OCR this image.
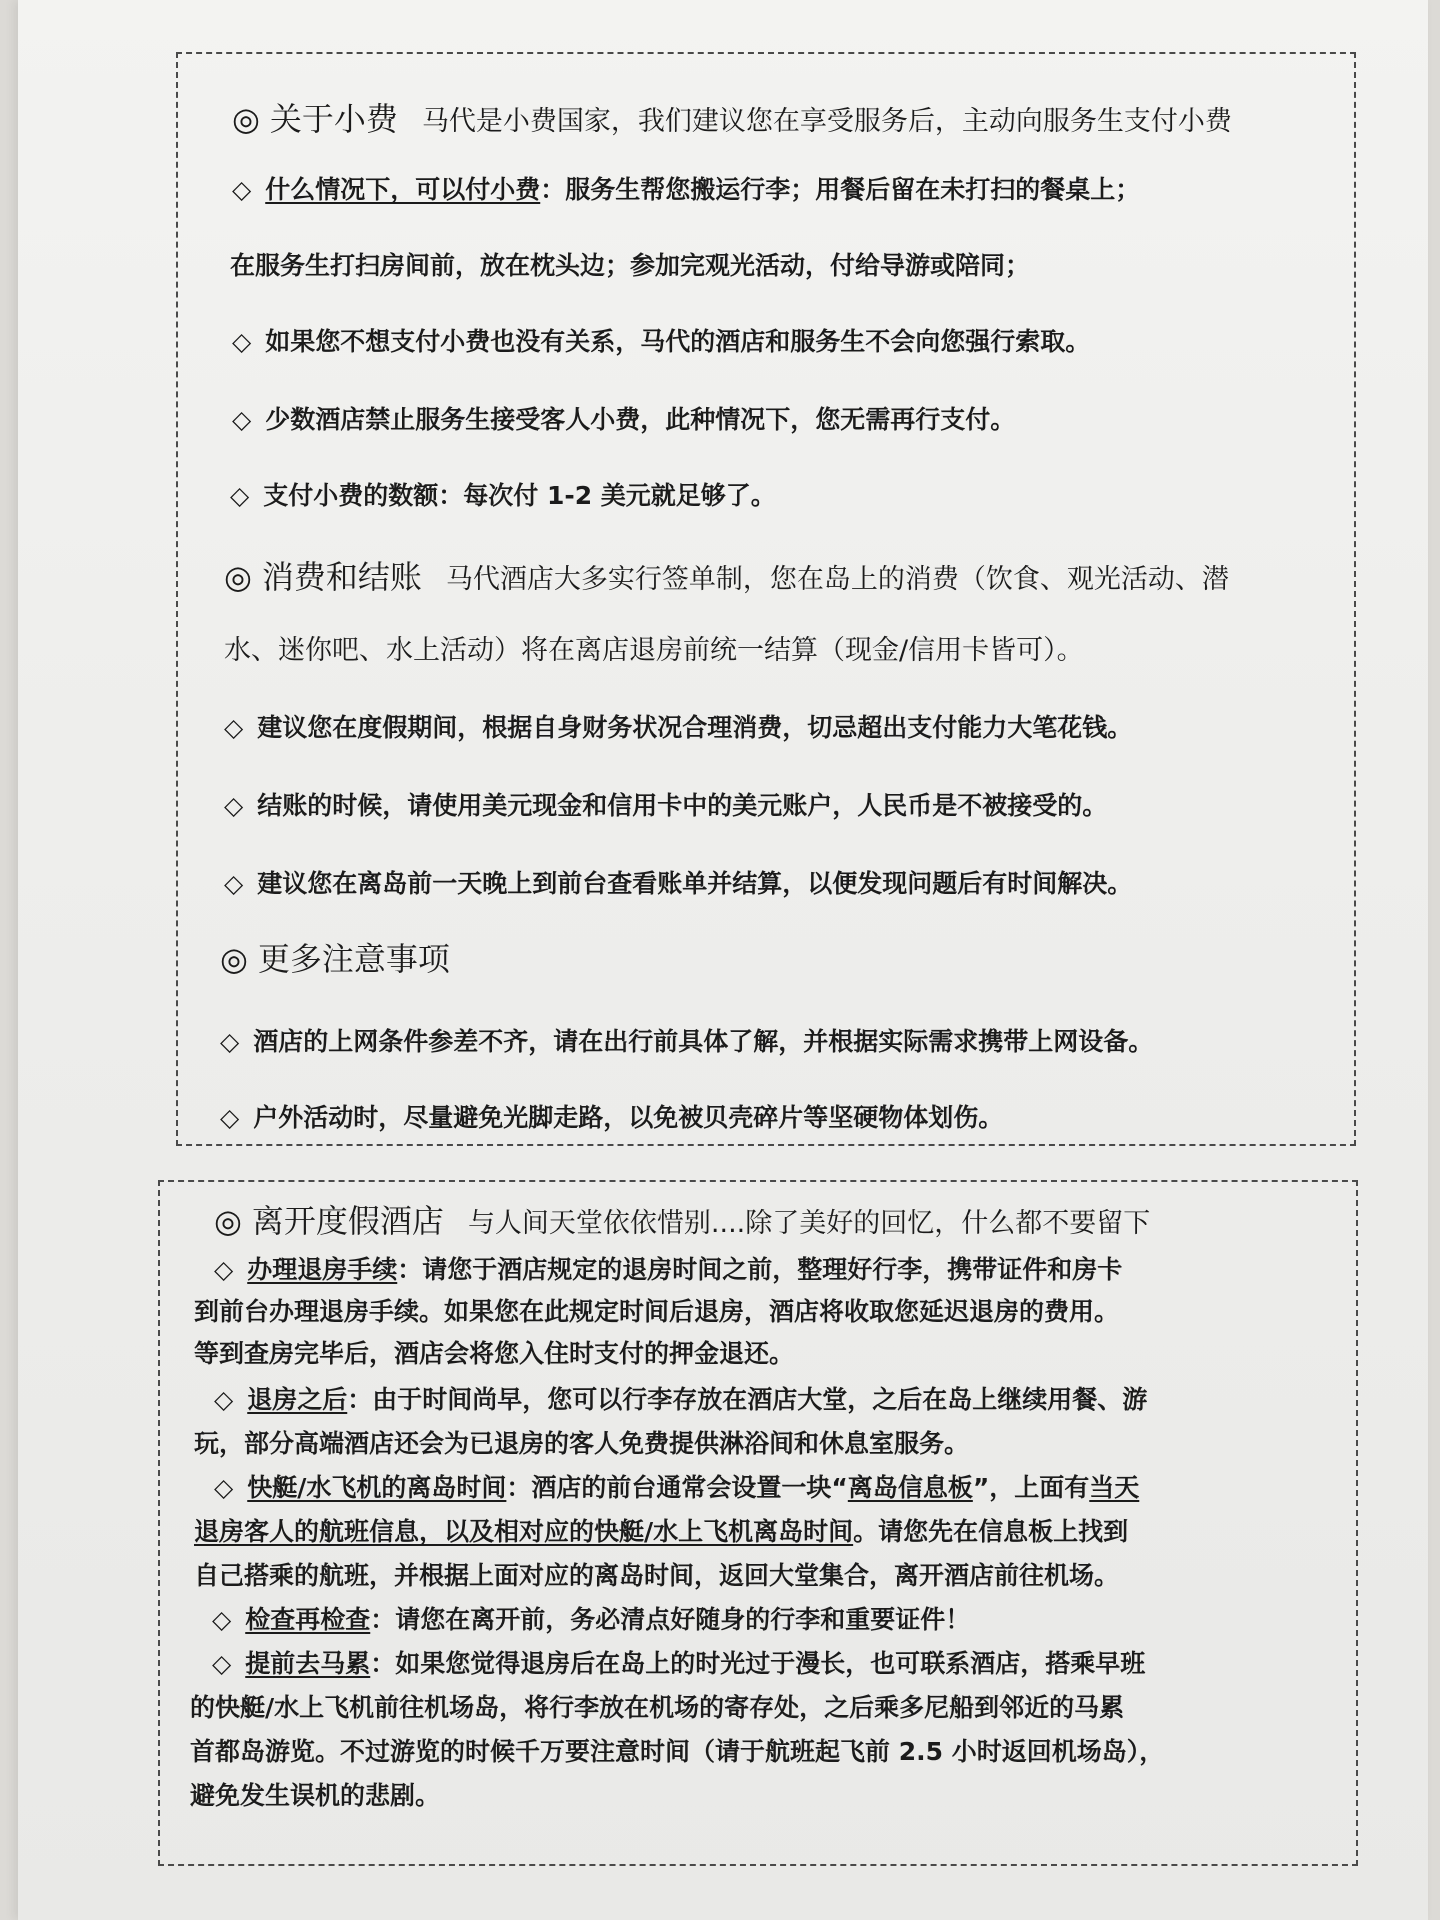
◎ 关于小费 马代是小费国家，我们建议您在享受服务后，主动向服务生支付小费
◇ 什么情况下，可以付小费：服务生帮您搬运行李；用餐后留在未打扫的餐桌上；
在服务生打扫房间前，放在枕头边；参加完观光活动，付给导游或陪同；
◇ 如果您不想支付小费也没有关系，马代的酒店和服务生不会向您强行索取。
◇ 少数酒店禁止服务生接受客人小费，此种情况下，您无需再行支付。
◇ 支付小费的数额：每次付 1-2 美元就足够了。
◎ 消费和结账 马代酒店大多实行签单制，您在岛上的消费（饮食、观光活动、潜
水、迷你吧、水上活动）将在离店退房前统一结算（现金/信用卡皆可）。
◇ 建议您在度假期间，根据自身财务状况合理消费，切忌超出支付能力大笔花钱。
◇ 结账的时候，请使用美元现金和信用卡中的美元账户，人民币是不被接受的。
◇ 建议您在离岛前一天晚上到前台查看账单并结算，以便发现问题后有时间解决。
◎ 更多注意事项
◇ 酒店的上网条件参差不齐，请在出行前具体了解，并根据实际需求携带上网设备。
◇ 户外活动时，尽量避免光脚走路，以免被贝壳碎片等坚硬物体划伤。
◎ 离开度假酒店 与人间天堂依依惜别....除了美好的回忆，什么都不要留下
◇ 办理退房手续：请您于酒店规定的退房时间之前，整理好行李，携带证件和房卡
到前台办理退房手续。如果您在此规定时间后退房，酒店将收取您延迟退房的费用。
等到查房完毕后，酒店会将您入住时支付的押金退还。
◇ 退房之后：由于时间尚早，您可以行李存放在酒店大堂，之后在岛上继续用餐、游
玩，部分高端酒店还会为已退房的客人免费提供淋浴间和休息室服务。
◇ 快艇/水飞机的离岛时间：酒店的前台通常会设置一块“离岛信息板”，上面有当天
退房客人的航班信息，以及相对应的快艇/水上飞机离岛时间。请您先在信息板上找到
自己搭乘的航班，并根据上面对应的离岛时间，返回大堂集合，离开酒店前往机场。
◇ 检查再检查：请您在离开前，务必清点好随身的行李和重要证件！
◇ 提前去马累：如果您觉得退房后在岛上的时光过于漫长，也可联系酒店，搭乘早班
的快艇/水上飞机前往机场岛，将行李放在机场的寄存处，之后乘多尼船到邻近的马累
首都岛游览。不过游览的时候千万要注意时间（请于航班起飞前 2.5 小时返回机场岛），
避免发生误机的悲剧。
